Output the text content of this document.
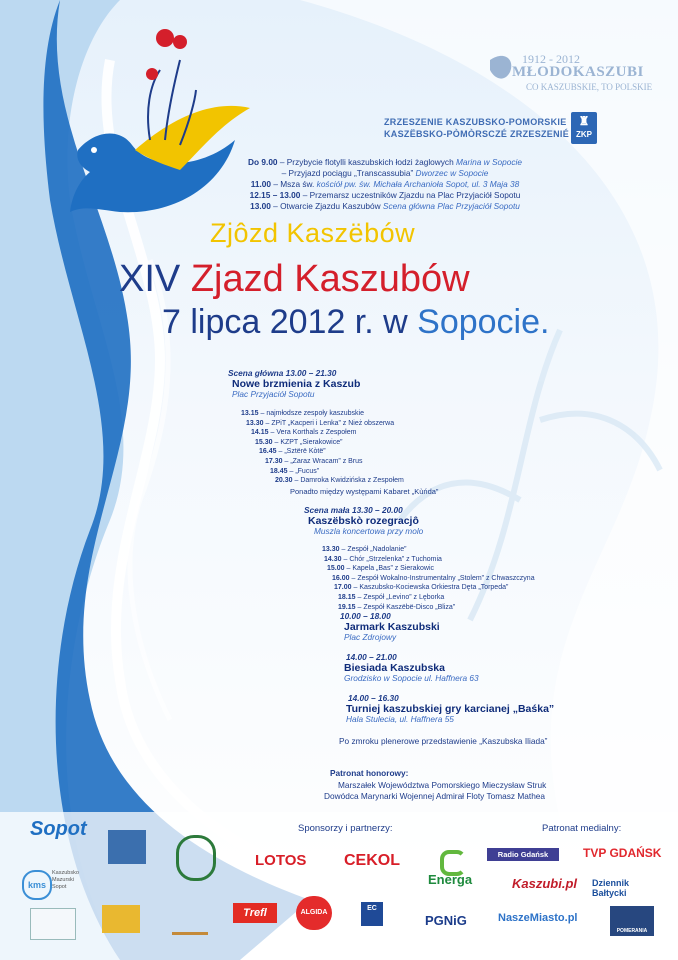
1912 - 2012
MŁODOKASZUBI
CO KASZUBSKIE, TO POLSKIE
ZRZESZENIE KASZUBSKO-POMORSKIE
KASZËBSKO-PÒMÒRSCZÉ ZRZESZENIÉ
♜
ZKP
Do 9.00 – Przybycie flotylli kaszubskich łodzi żaglowych Marina w Sopocie
– Przyjazd pociągu „Transcassubia” Dworzec w Sopocie
11.00 – Msza św. kościół pw. św. Michała Archanioła Sopot, ul. 3 Maja 38
12.15 – 13.00 – Przemarsz uczestników Zjazdu na Plac Przyjaciół Sopotu
13.00 – Otwarcie Zjazdu Kaszubów Scena główna Plac Przyjaciół Sopotu
Zjôzd Kaszëbów
XIV Zjazd Kaszubów
7 lipca 2012 r. w Sopocie.
Scena główna 13.00 – 21.30
Nowe brzmienia z Kaszub
Plac Przyjaciół Sopotu
13.15 – najmłodsze zespoły kaszubskie
13.30 – ZPiT „Kacperi i Lenka” z Nież obszerwa
14.15 – Vera Korthals z Zespołem
15.30 – KZPT „Sierakowice”
16.45 – „Sztërë Kòtë”
17.30 – „Zaraz Wracam” z Brus
18.45 – „Fucus”
20.30 – Damroka Kwidzińska z Zespołem
Ponadto między występami Kabaret „Kùńda”
Scena mała 13.30 – 20.00
Kaszëbskò rozegracjô
Muszla koncertowa przy molo
13.30 – Zespół „Nadolanie”
14.30 – Chór „Strzelenka” z Tuchomia
15.00 – Kapela „Bas” z Sierakowic
16.00 – Zespół Wokalno-Instrumentalny „Stolem” z Chwaszczyna
17.00 – Kaszubsko-Kociewska Orkiestra Dęta „Torpeda”
18.15 – Zespół „Levino” z Lęborka
19.15 – Zespół Kaszëbë-Disco „Bliza”
10.00 – 18.00
Jarmark Kaszubski
Plac Zdrojowy
14.00 – 21.00
Biesiada Kaszubska
Grodzisko w Sopocie ul. Haffnera 63
14.00 – 16.30
Turniej kaszubskiej gry karcianej „Baśka”
Hala Stulecia, ul. Haffnera 55
Po zmroku plenerowe przedstawienie „Kaszubska Iliada”
Patronat honorowy:
Marszałek Województwa Pomorskiego Mieczysław Struk
Dowódca Marynarki Wojennej Admirał Floty Tomasz Mathea
Sponsorzy i partnerzy:	Patronat medialny:
Sopot
kms
Kaszubsko Mazurski Sopot
LOTOS CEKOL
Energa
Trefl	ALGIDA
EC
PGNiG
Radio Gdańsk	TVP GDAŃSK
Kaszubi.pl Dziennik Bałtycki
NaszeMiasto.pl
POMERANIA
